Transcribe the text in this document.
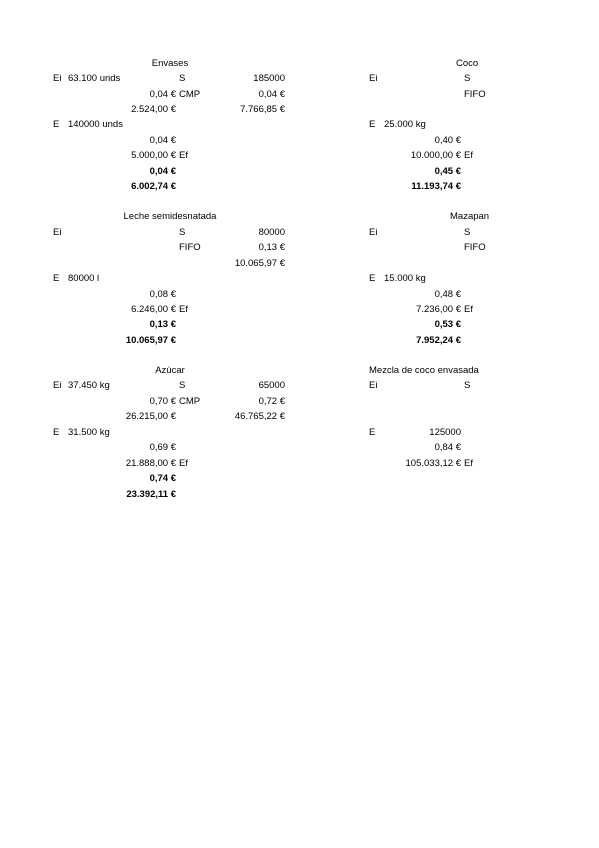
Envases
Ei 63.100 unds	S	185000
0,04 € CMP	0,04 €
2.524,00 €	7.766,85 €
E 140000 unds
0,04 €
5.000,00 € Ef
0,04 €
6.002,74 €
Coco
Ei	S
FIFO
E 25.000 kg
0,40 €
10.000,00 € Ef
0,45 €
11.193,74 €
Leche semidesnatada
Ei	S	80000
FIFO	0,13 €
10.065,97 €
E 80000 l
0,08 €
6.246,00 € Ef
0,13 €
10.065,97 €
Mazapan
Ei	S
FIFO
E 15.000 kg
0,48 €
7.236,00 € Ef
0,53 €
7.952,24 €
Azúcar
Ei 37.450 kg	S	65000
0,70 € CMP	0,72 €
26.215,00 €	46.765,22 €
E 31.500 kg
0,69 €
21.888,00 € Ef
0,74 €
23.392,11 €
Mezcla de coco envasada
Ei	S
E	125000
0,84 €
105.033,12 € Ef
